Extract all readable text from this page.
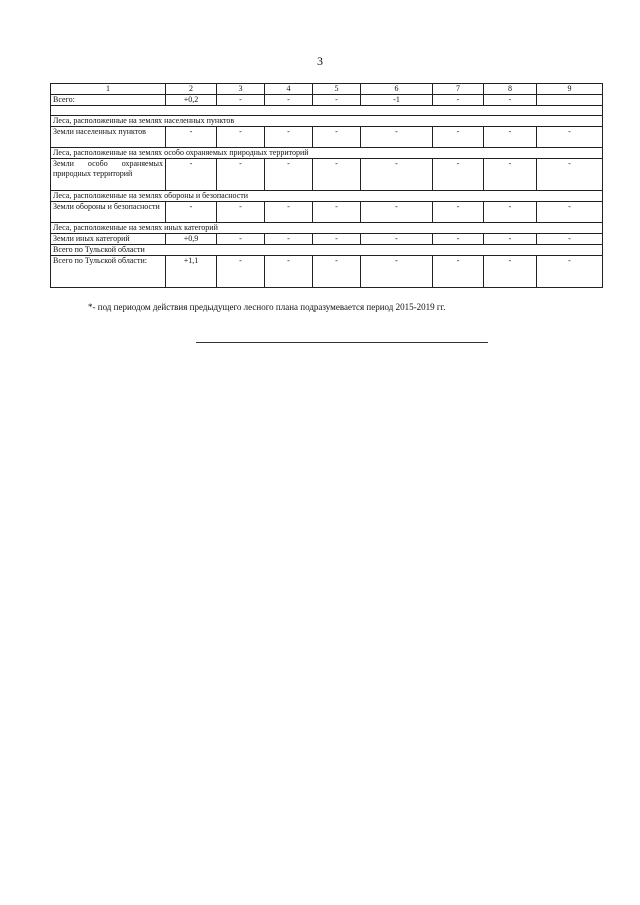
3
1	2	3	4	5	6	7	8	9
Всего:	+0,2	-	-	-	-1	-	-	

Леса, расположенные на землях населенных пунктов								
Земли населенных пунктов	-	-	-	-	-	-	-	-
Леса, расположенные на землях особо охраняемых природных территорий								
Земли особо охраняемых природных территорий	-	-	-	-	-	-	-	-
Леса, расположенные на землях обороны и безопасности								
Земли обороны и безопасности	-	-	-	-	-	-	-	-
Леса, расположенные на землях иных категорий								
Земли иных категорий	+0,9	-	-	-	-	-	-	-
Всего по Тульской области								
Всего по Тульской области:	+1,1	-	-	-	-	-	-	-
*- под периодом действия предыдущего лесного плана подразумевается период 2015-2019 гг.
